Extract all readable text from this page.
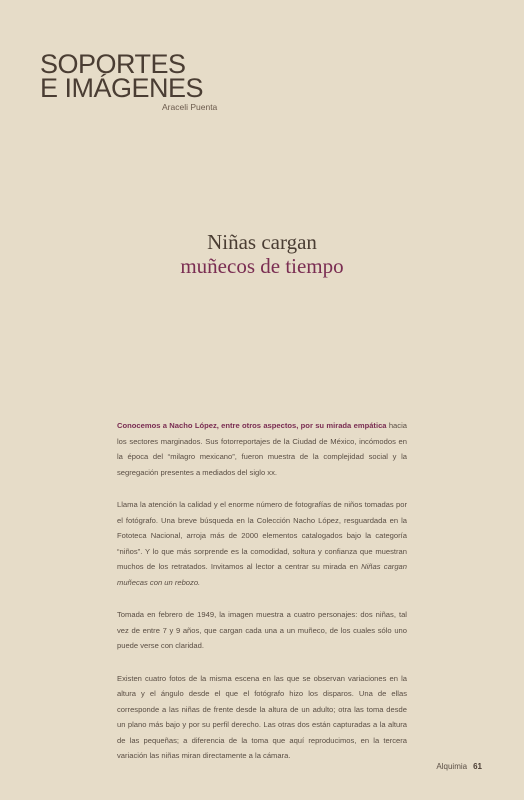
SOPORTES
E IMÁGENES
Araceli Puenta
Niñas cargan
muñecos de tiempo

Conocemos a Nacho López, entre otros aspectos, por su mirada empática hacia los sectores marginados. Sus fotorreportajes de la Ciudad de México, incómodos en la época del “milagro mexicano”, fueron muestra de la complejidad social y la segregación presentes a mediados del siglo xx.

Llama la atención la calidad y el enorme número de fotografías de niños tomadas por el fotógrafo. Una breve búsqueda en la Colección Nacho López, resguardada en la Fototeca Nacional, arroja más de 2000 elementos catalogados bajo la categoría “niños”. Y lo que más sorprende es la comodidad, soltura y confianza que muestran muchos de los retratados. Invitamos al lector a centrar su mirada en Niñas cargan muñecas con un rebozo.

Tomada en febrero de 1949, la imagen muestra a cuatro personajes: dos niñas, tal vez de entre 7 y 9 años, que cargan cada una a un muñeco, de los cuales sólo uno puede verse con claridad.

Existen cuatro fotos de la misma escena en las que se observan variaciones en la altura y el ángulo desde el que el fotógrafo hizo los disparos. Una de ellas corresponde a las niñas de frente desde la altura de un adulto; otra las toma desde un plano más bajo y por su perfil derecho. Las otras dos están capturadas a la altura de las pequeñas; a diferencia de la toma que aquí reproducimos, en la tercera variación las niñas miran directamente a la cámara.

Alquimia 61
